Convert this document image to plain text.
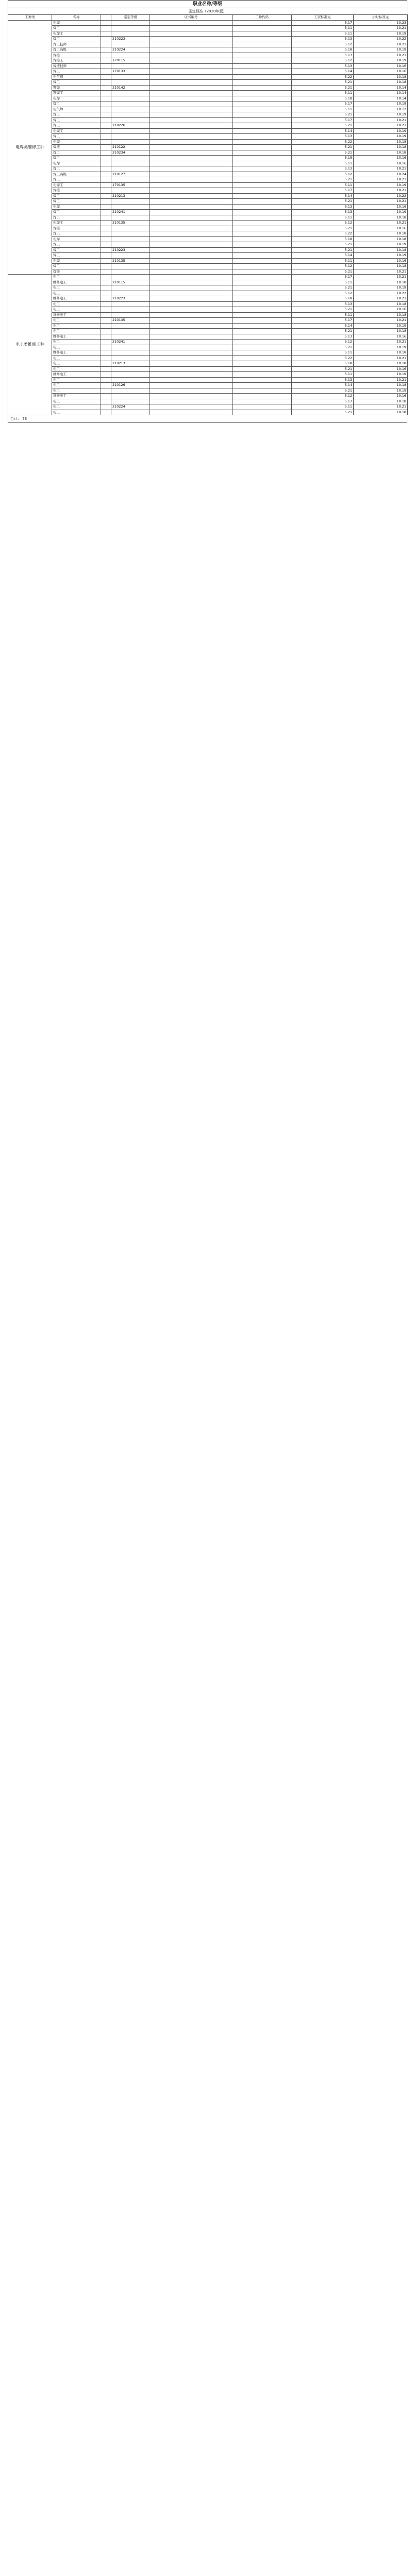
职业名称/等级
鉴定标准（2020年版）
工种类	名称		鉴定等级	证书编号	工种代码	工资标准元	小时标准元
电焊类维修工种	电焊					5.17	10.23
	焊工					5.11	10.21
	电焊工					5.11	10.19
	焊工		210223			5.13	10.22
	焊工技师					5.12	10.21
	焊工高级		210224			5.18	10.19
	焊接					5.13	10.21
	焊接工		170115			5.12	10.19
	焊接技师					5.13	10.16
	焊工		170133			5.14	10.16
	电气焊					5.22	10.18
	焊工					5.21	10.18
	铆焊		210142			5.21	10.14
	铆焊工					5.11	10.14
	电焊					5.18	10.14
	焊工					5.17	10.18
	电气焊					5.11	10.12
	焊工					5.21	10.19
	焊工					5.17	10.21
	焊工		210226			5.21	10.21
	电焊工					5.14	10.19
	焊工					5.13	10.19
	电焊					5.22	10.18
	焊接		210122			5.21	10.18
	焊工		210234			5.21	10.18
	焊工					5.18	10.16
	电焊					5.11	10.16
	焊工					5.13	10.21
	焊工高级		210127			5.12	10.24
	焊工					5.21	10.21
	电焊工		170135			5.11	10.19
	焊接					5.17	10.21
	焊工		210213			5.14	10.22
	焊工					5.21	10.21
	电焊					5.13	10.16
	焊工		210241			5.13	10.19
	焊工					5.11	10.18
	电焊工		210135			5.12	10.21
	焊接					5.21	10.16
	焊工					5.22	10.18
	电焊					5.18	10.18
	焊工					5.21	10.19
	焊工		210223			5.21	10.18
	焊工					5.14	10.19
	电焊		210135			5.11	10.16
	焊工					5.12	10.18
	焊接					5.21	10.21
电工类维修工种	电工					5.17	10.21
	维修电工		210115			5.11	10.18
	电工					5.21	10.19
	电工					5.12	10.22
	维修电工		210223			5.18	10.21
	电工					5.13	10.18
	电工					5.21	10.16
	维修电工					5.11	10.18
	电工		210135			5.17	10.21
	电工					5.14	10.19
	电工					5.21	10.18
	维修电工					5.13	10.16
	电工		210241			5.12	10.21
	电工					5.21	10.19
	维修电工					5.11	10.18
	电工					5.22	10.21
	电工		210213			5.18	10.18
	电工					5.21	10.16
	维修电工					5.11	10.19
	电工					5.13	10.21
	电工		210126			5.14	10.18
	电工					5.21	10.19
	维修电工					5.12	10.16
	电工					5.17	10.18
	电工		210224			5.11	10.21
	电工					5.21	10.18
合计： 73
